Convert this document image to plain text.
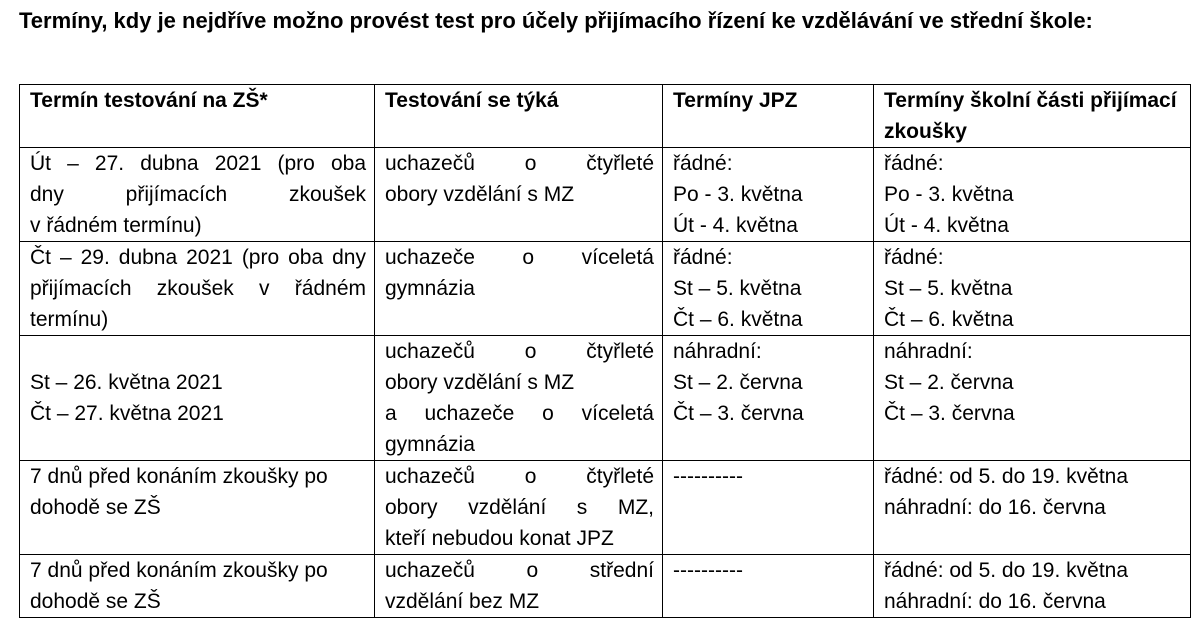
Termíny, kdy je nejdříve možno provést test pro účely přijímacího řízení ke vzdělávání ve střední škole:
Termín testování na ZŠ*	Testování se týká	Termíny JPZ	Termíny školní části přijímací zkoušky

Út – 27. dubna 2021 (pro oba
dny přijímacích zkoušek
v řádném termínu)	uchazečů o čtyřleté
obory vzdělání s MZ	řádné:
Po - 3. května
Út - 4. května	řádné:
Po - 3. května
Út - 4. května

Čt – 29. dubna 2021 (pro oba dny
přijímacích zkoušek v řádném
termínu)	uchazeče o víceletá
gymnázia	řádné:
St – 5. května
Čt – 6. května	řádné:
St – 5. května
Čt – 6. května

St – 26. května 2021
Čt – 27. května 2021	uchazečů o čtyřleté
obory vzdělání s MZ
a uchazeče o víceletá
gymnázia	náhradní:
St – 2. června
Čt – 3. června	náhradní:
St – 2. června
Čt – 3. června

7 dnů před konáním zkoušky po
dohodě se ZŠ	uchazečů o čtyřleté
obory vzdělání s MZ,
kteří nebudou konat JPZ	----------	řádné: od 5. do 19. května
náhradní: do 16. června

7 dnů před konáním zkoušky po
dohodě se ZŠ	uchazečů o střední
vzdělání bez MZ	----------	řádné: od 5. do 19. května
náhradní: do 16. června
